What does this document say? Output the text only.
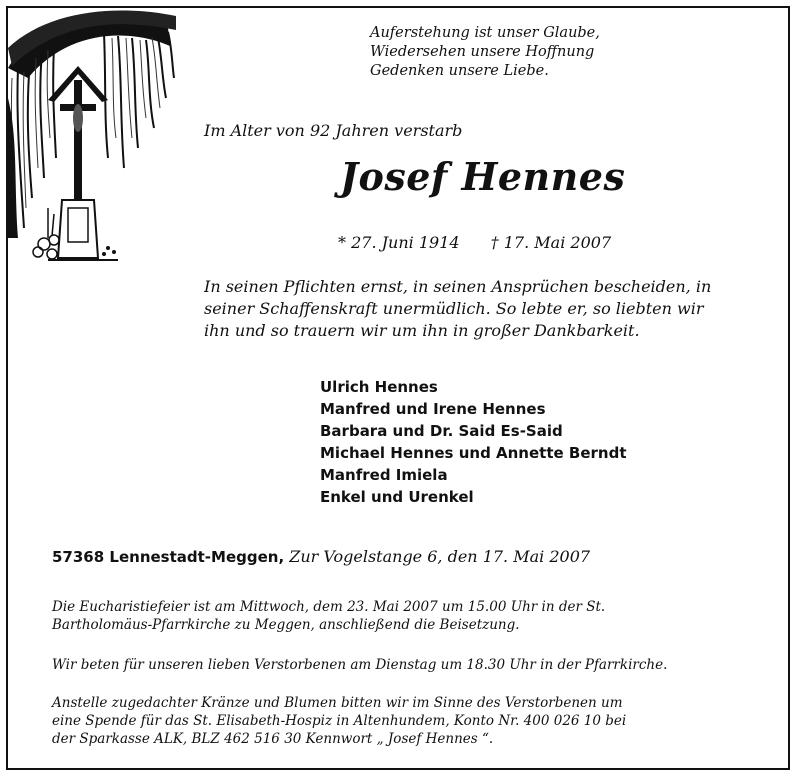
Auferstehung ist unser Glaube,
Wiedersehen unsere Hoffnung
Gedenken unsere Liebe.
Im Alter von 92 Jahren verstarb
Josef Hennes
* 27. Juni 1914 † 17. Mai 2007
In seinen Pflichten ernst, in seinen Ansprüchen bescheiden, in
seiner Schaffenskraft unermüdlich. So lebte er, so liebten wir
ihn und so trauern wir um ihn in großer Dankbarkeit.
Ulrich Hennes
Manfred und Irene Hennes
Barbara und Dr. Said Es-Said
Michael Hennes und Annette Berndt
Manfred Imiela
Enkel und Urenkel
57368 Lennestadt-Meggen, Zur Vogelstange 6, den 17. Mai 2007
Die Eucharistiefeier ist am Mittwoch, dem 23. Mai 2007 um 15.00 Uhr in der St.
Bartholomäus-Pfarrkirche zu Meggen, anschließend die Beisetzung.
Wir beten für unseren lieben Verstorbenen am Dienstag um 18.30 Uhr in der Pfarrkirche.
Anstelle zugedachter Kränze und Blumen bitten wir im Sinne des Verstorbenen um
eine Spende für das St. Elisabeth-Hospiz in Altenhundem, Konto Nr. 400 026 10 bei
der Sparkasse ALK, BLZ 462 516 30 Kennwort „ Josef Hennes “.
